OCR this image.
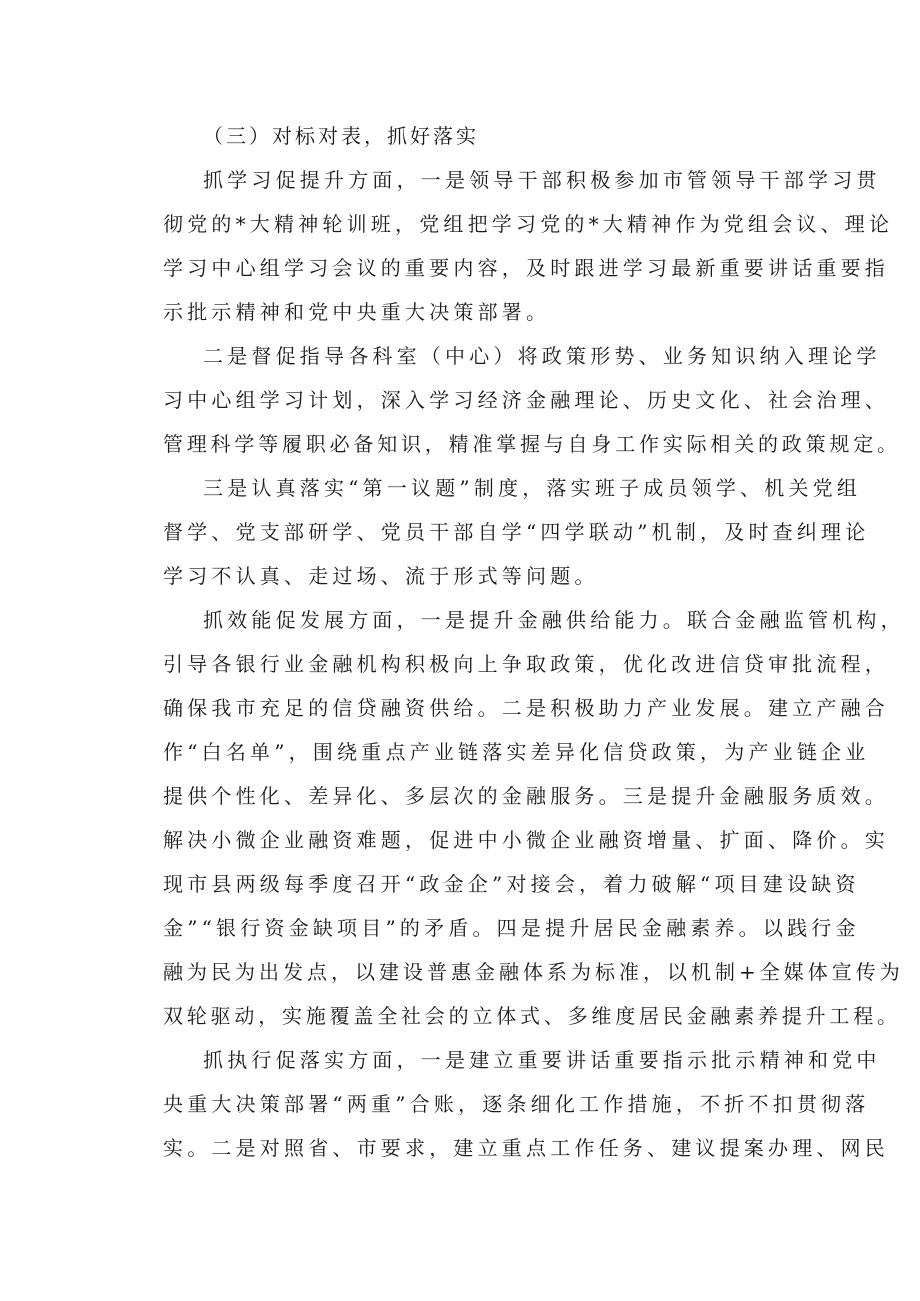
（三）对标对表，抓好落实
抓学习促提升方面，一是领导干部积极参加市管领导干部学习贯
彻党的*大精神轮训班，党组把学习党的*大精神作为党组会议、理论
学习中心组学习会议的重要内容，及时跟进学习最新重要讲话重要指
示批示精神和党中央重大决策部署。
二是督促指导各科室（中心）将政策形势、业务知识纳入理论学
习中心组学习计划，深入学习经济金融理论、历史文化、社会治理、
管理科学等履职必备知识，精准掌握与自身工作实际相关的政策规定。
三是认真落实“第一议题”制度，落实班子成员领学、机关党组
督学、党支部研学、党员干部自学“四学联动”机制，及时查纠理论
学习不认真、走过场、流于形式等问题。
抓效能促发展方面，一是提升金融供给能力。联合金融监管机构，
引导各银行业金融机构积极向上争取政策，优化改进信贷审批流程，
确保我市充足的信贷融资供给。二是积极助力产业发展。建立产融合
作“白名单”，围绕重点产业链落实差异化信贷政策，为产业链企业
提供个性化、差异化、多层次的金融服务。三是提升金融服务质效。
解决小微企业融资难题，促进中小微企业融资增量、扩面、降价。实
现市县两级每季度召开“政金企”对接会，着力破解“项目建设缺资
金”“银行资金缺项目”的矛盾。四是提升居民金融素养。以践行金
融为民为出发点，以建设普惠金融体系为标准，以机制+全媒体宣传为
双轮驱动，实施覆盖全社会的立体式、多维度居民金融素养提升工程。
抓执行促落实方面，一是建立重要讲话重要指示批示精神和党中
央重大决策部署“两重”合账，逐条细化工作措施，不折不扣贯彻落
实。二是对照省、市要求，建立重点工作任务、建议提案办理、网民
